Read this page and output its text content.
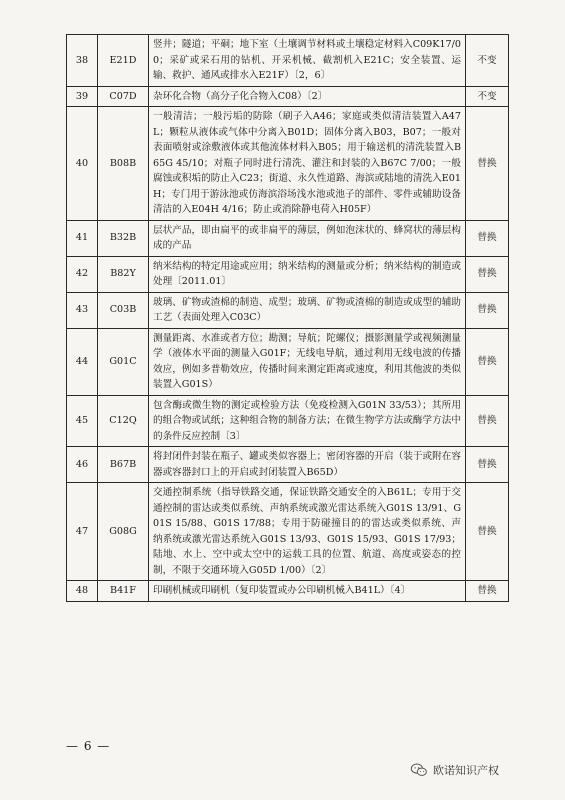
38	E21D	竖井；隧道；平硐；地下室（土壤调节材料或土壤稳定材料入C09K17/00；采矿或采石用的钻机、开采机械、截割机入E21C；安全装置、运输、救护、通风或排水入E21F）〔2，6〕	不变
39	C07D	杂环化合物（高分子化合物入C08）〔2〕	不变
40	B08B	一般清洁；一般污垢的防除（刷子入A46；家庭或类似清洁装置入A47L；颗粒从液体或气体中分离入B01D；固体分离入B03，B07；一般对表面喷射或涂敷液体或其他流体材料入B05；用于输送机的清洗装置入B65G 45/10；对瓶子同时进行清洗、灌注和封装的入B67C 7/00；一般腐蚀或积垢的防止入C23；街道、永久性道路、海滨或陆地的清洗入E01H；专门用于游泳池或仿海滨浴场浅水池或池子的部件、零件或辅助设备清洁的入E04H 4/16；防止或消除静电荷入H05F）	替换
41	B32B	层状产品，即由扁平的或非扁平的薄层，例如泡沫状的、蜂窝状的薄层构成的产品	替换
42	B82Y	纳米结构的特定用途或应用；纳米结构的测量或分析；纳米结构的制造或处理〔2011.01〕	替换
43	C03B	玻璃、矿物或渣棉的制造、成型；玻璃、矿物或渣棉的制造或成型的辅助工艺（表面处理入C03C）	替换
44	G01C	测量距离、水准或者方位；勘测；导航；陀螺仪；摄影测量学或视频测量学（液体水平面的测量入G01F；无线电导航，通过利用无线电波的传播效应，例如多普勒效应，传播时间来测定距离或速度，利用其他波的类似装置入G01S）	替换
45	C12Q	包含酶或微生物的测定或检验方法（免疫检测入G01N 33/53）；其所用的组合物或试纸；这种组合物的制备方法；在微生物学方法或酶学方法中的条件反应控制〔3〕	替换
46	B67B	将封闭件封装在瓶子、罐或类似容器上；密闭容器的开启（装于或附在容器或容器封口上的开启或封闭装置入B65D）	替换
47	G08G	交通控制系统（指导铁路交通，保证铁路交通安全的入B61L；专用于交通控制的雷达或类似系统、声纳系统或激光雷达系统入G01S 13/91、G01S 15/88、G01S 17/88；专用于防碰撞目的的雷达或类似系统、声纳系统或激光雷达系统入G01S 13/93、G01S 15/93、G01S 17/93；陆地、水上、空中或太空中的运载工具的位置、航道、高度或姿态的控制，不限于交通环境入G05D 1/00）〔2〕	替换
48	B41F	印刷机械或印刷机（复印装置或办公印刷机械入B41L）〔4〕	替换
— 6 —
欧诺知识产权
